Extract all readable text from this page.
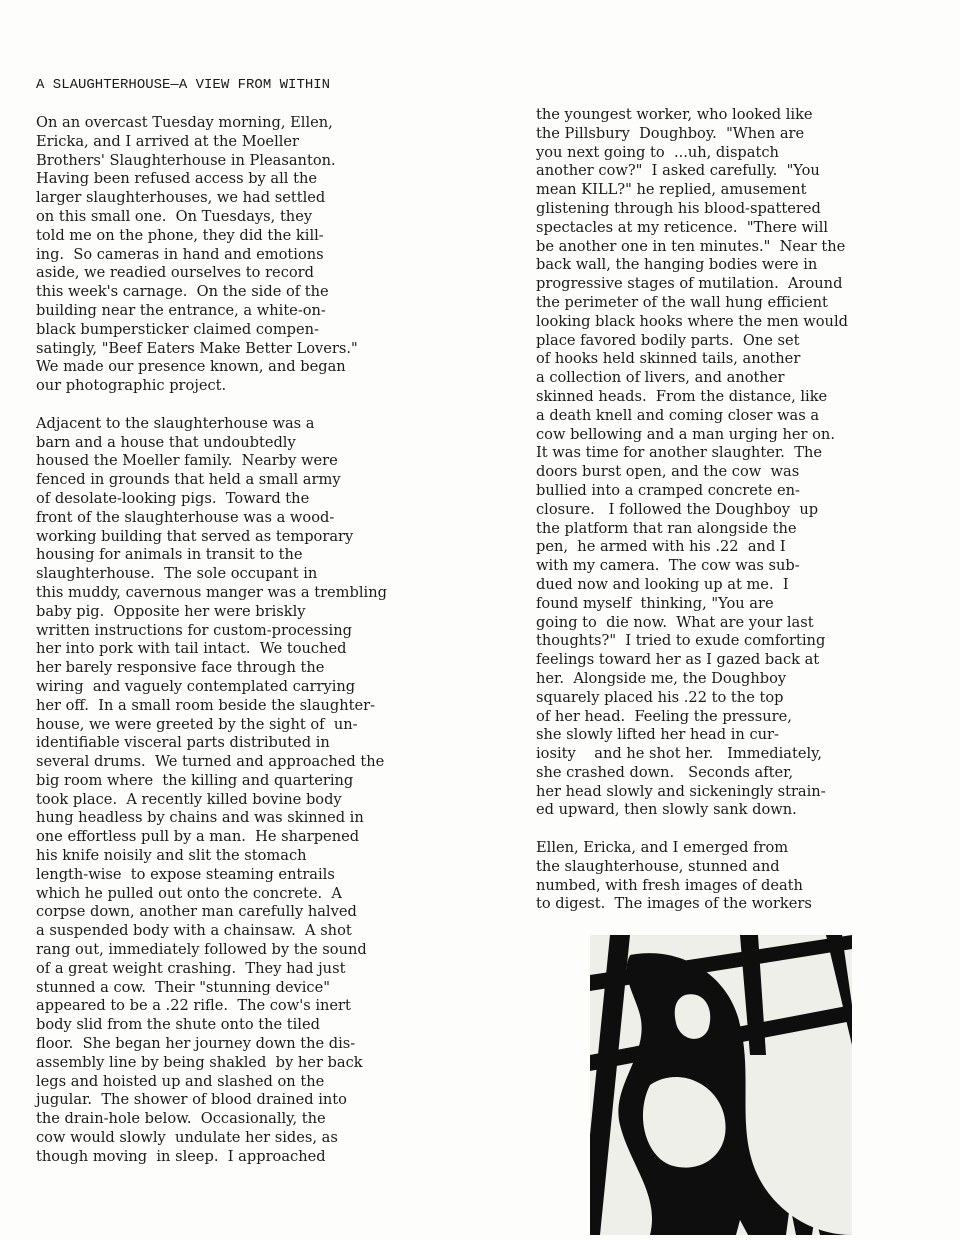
A SLAUGHTERHOUSE—A VIEW FROM WITHIN
On an overcast Tuesday morning, Ellen,
Ericka, and I arrived at the Moeller
Brothers' Slaughterhouse in Pleasanton.
Having been refused access by all the
larger slaughterhouses, we had settled
on this small one.  On Tuesdays, they
told me on the phone, they did the kill-
ing.  So cameras in hand and emotions
aside, we readied ourselves to record
this week's carnage.  On the side of the
building near the entrance, a white-on-
black bumpersticker claimed compen-
satingly, "Beef Eaters Make Better Lovers."
We made our presence known, and began
our photographic project.
Adjacent to the slaughterhouse was a
barn and a house that undoubtedly
housed the Moeller family.  Nearby were
fenced in grounds that held a small army
of desolate-looking pigs.  Toward the
front of the slaughterhouse was a wood-
working building that served as temporary
housing for animals in transit to the
slaughterhouse.  The sole occupant in
this muddy, cavernous manger was a trembling
baby pig.  Opposite her were briskly
written instructions for custom-processing
her into pork with tail intact.  We touched
her barely responsive face through the
wiring  and vaguely contemplated carrying
her off.  In a small room beside the slaughter-
house, we were greeted by the sight of  un-
identifiable visceral parts distributed in
several drums.  We turned and approached the
big room where  the killing and quartering
took place.  A recently killed bovine body
hung headless by chains and was skinned in
one effortless pull by a man.  He sharpened
his knife noisily and slit the stomach
length-wise  to expose steaming entrails
which he pulled out onto the concrete.  A
corpse down, another man carefully halved
a suspended body with a chainsaw.  A shot
rang out, immediately followed by the sound
of a great weight crashing.  They had just
stunned a cow.  Their "stunning device"
appeared to be a .22 rifle.  The cow's inert
body slid from the shute onto the tiled
floor.  She began her journey down the dis-
assembly line by being shakled  by her back
legs and hoisted up and slashed on the
jugular.  The shower of blood drained into
the drain-hole below.  Occasionally, the
cow would slowly  undulate her sides, as
though moving  in sleep.  I approached
the youngest worker, who looked like
the Pillsbury  Doughboy.  "When are
you next going to  ...uh, dispatch
another cow?"  I asked carefully.  "You
mean KILL?" he replied, amusement
glistening through his blood-spattered
spectacles at my reticence.  "There will
be another one in ten minutes."  Near the
back wall, the hanging bodies were in
progressive stages of mutilation.  Around
the perimeter of the wall hung efficient
looking black hooks where the men would
place favored bodily parts.  One set
of hooks held skinned tails, another
a collection of livers, and another
skinned heads.  From the distance, like
a death knell and coming closer was a
cow bellowing and a man urging her on.
It was time for another slaughter.  The
doors burst open, and the cow  was
bullied into a cramped concrete en-
closure.   I followed the Doughboy  up
the platform that ran alongside the
pen,  he armed with his .22  and I
with my camera.  The cow was sub-
dued now and looking up at me.  I
found myself  thinking, "You are
going to  die now.  What are your last
thoughts?"  I tried to exude comforting
feelings toward her as I gazed back at
her.  Alongside me, the Doughboy
squarely placed his .22 to the top
of her head.  Feeling the pressure,
she slowly lifted her head in cur-
iosity    and he shot her.   Immediately,
she crashed down.   Seconds after,
her head slowly and sickeningly strain-
ed upward, then slowly sank down.
Ellen, Ericka, and I emerged from
the slaughterhouse, stunned and
numbed, with fresh images of death
to digest.  The images of the workers
